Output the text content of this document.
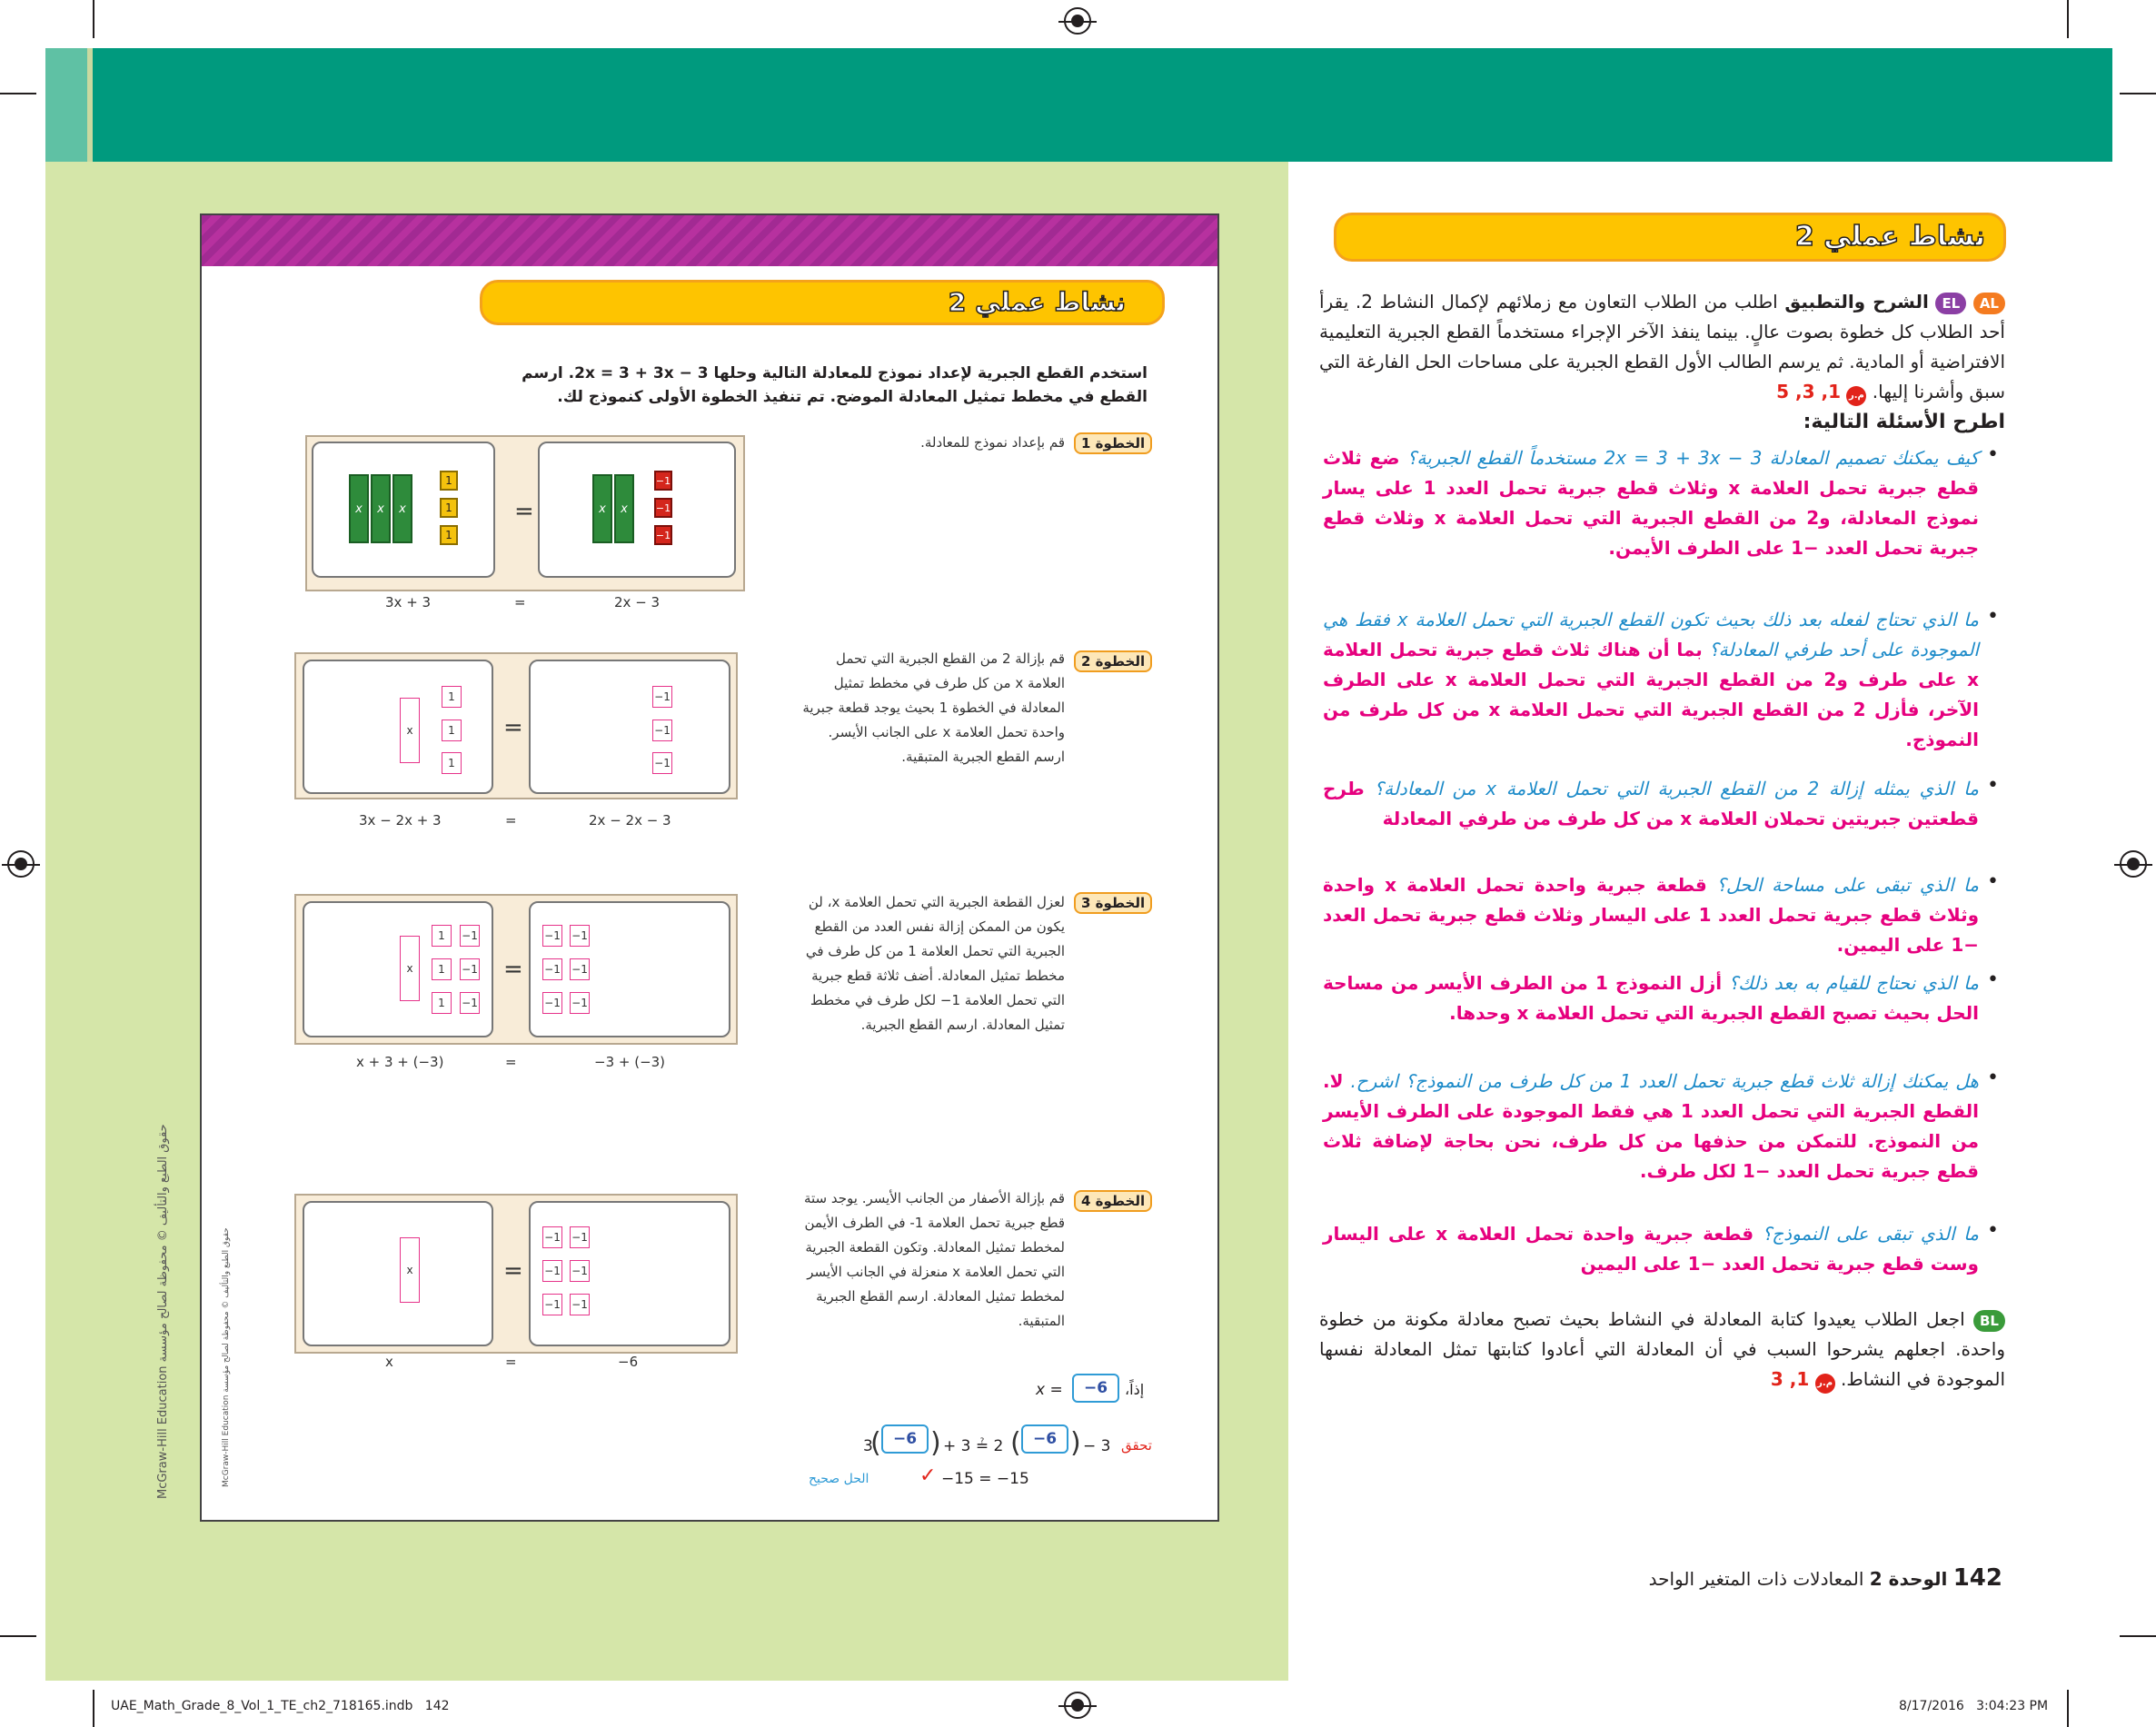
McGraw-Hill Education حقوق الطبع والتأليف © محفوظة لصالح مؤسسة
McGraw-Hill Education حقوق الطبع والتأليف © محفوظة لصالح مؤسسة
نشاط عملي 2
استخدم القطع الجبرية لإعداد نموذج للمعادلة التالية وحلها 3 − 2x = 3 + 3x. ارسم
القطع في مخطط تمثيل المعادلة الموضح. تم تنفيذ الخطوة الأولى كنموذج لك.
الخطوة 1
قم بإعداد نموذج للمعادلة.
=
x	x	x
1
1
1
x	x
−1
−1
−1
3x + 3	=	2x − 3
الخطوة 2
قم بإزالة 2 من القطع الجبرية التي تحمل العلامة x من كل طرف في مخطط تمثيل المعادلة في الخطوة 1 بحيث يوجد قطعة جبرية واحدة تحمل العلامة x على الجانب الأيسر. ارسم القطع الجبرية المتبقية.
=
x
1
1
1
−1
−1
−1
3x − 2x + 3	=	2x − 2x − 3
الخطوة 3
لعزل القطعة الجبرية التي تحمل العلامة x، لن يكون من الممكن إزالة نفس العدد من القطع الجبرية التي تحمل العلامة 1 من كل طرف في مخطط تمثيل المعادلة. أضف ثلاثة قطع جبرية التي تحمل العلامة 1− لكل طرف في مخطط تمثيل المعادلة. ارسم القطع الجبرية.
=
x
1
1
1
−1
−1
−1
−1
−1
−1
−1
−1
−1
x + 3 + (−3)	=	−3 + (−3)
الخطوة 4
قم بإزالة الأصفار من الجانب الأيسر. يوجد ستة قطع جبرية تحمل العلامة 1- في الطرف الأيمن لمخطط تمثيل المعادلة. وتكون القطعة الجبرية التي تحمل العلامة x منعزلة في الجانب الأيسر لمخطط تمثيل المعادلة. ارسم القطع الجبرية المتبقية.
=
x
−1
−1
−1
−1
−1
−1
x	=	−6
إذاً،
x =	−6
تحقق
3
( −6 ) + 3 ≟ 2 ( −6 ) − 3
−15 = −15
✓
الحل صحيح
نشاط عملي 2
AL EL الشرح والتطبيق اطلب من الطلاب التعاون مع زملائهم لإكمال النشاط 2. يقرأ أحد الطلاب كل خطوة بصوت عالٍ. بينما ينفذ الآخر الإجراء مستخدماً القطع الجبرية التعليمية الافتراضية أو المادية. ثم يرسم الطالب الأول القطع الجبرية على مساحات الحل الفارغة التي سبق وأشرنا إليها. م.ر 1, 3, 5
اطرح الأسئلة التالية:
•
كيف يمكنك تصميم المعادلة 3 − 2x = 3 + 3x مستخدماً القطع الجبرية؟ ضع ثلاث قطع جبرية تحمل العلامة x وثلاث قطع جبرية تحمل العدد 1 على يسار نموذج المعادلة، و2 من القطع الجبرية التي تحمل العلامة x وثلاث قطع جبرية تحمل العدد −1 على الطرف الأيمن.
•
ما الذي تحتاج لفعله بعد ذلك بحيث تكون القطع الجبرية التي تحمل العلامة x فقط هي الموجودة على أحد طرفي المعادلة؟ بما أن هناك ثلاث قطع جبرية تحمل العلامة x على طرف و2 من القطع الجبرية التي تحمل العلامة x على الطرف الآخر، فأزل 2 من القطع الجبرية التي تحمل العلامة x من كل طرف من النموذج.
•
ما الذي يمثله إزالة 2 من القطع الجبرية التي تحمل العلامة x من المعادلة؟ طرح قطعتين جبريتين تحملان العلامة x من كل طرف من طرفي المعادلة
•
ما الذي تبقى على مساحة الحل؟ قطعة جبرية واحدة تحمل العلامة x واحدة وثلاث قطع جبرية تحمل العدد 1 على اليسار وثلاث قطع جبرية تحمل العدد −1 على اليمين.
•
ما الذي نحتاج للقيام به بعد ذلك؟ أزل النموذج 1 من الطرف الأيسر من مساحة الحل بحيث تصبح القطع الجبرية التي تحمل العلامة x وحدها.
•
هل يمكنك إزالة ثلاث قطع جبرية تحمل العدد 1 من كل طرف من النموذج؟ اشرح. لا. القطع الجبرية التي تحمل العدد 1 هي فقط الموجودة على الطرف الأيسر من النموذج. للتمكن من حذفها من كل طرف، نحن بحاجة لإضافة ثلاث قطع جبرية تحمل العدد −1 لكل طرف.
•
ما الذي تبقى على النموذج؟ قطعة جبرية واحدة تحمل العلامة x على اليسار وست قطع جبرية تحمل العدد −1 على اليمين
BL اجعل الطلاب يعيدوا كتابة المعادلة في النشاط بحيث تصبح معادلة مكونة من خطوة واحدة. اجعلهم يشرحوا السبب في أن المعادلة التي أعادوا كتابتها تمثل المعادلة نفسها الموجودة في النشاط. م.ر 1, 3
142 الوحدة 2 المعادلات ذات المتغير الواحد
UAE_Math_Grade_8_Vol_1_TE_ch2_718165.indb   142	8/17/2016   3:04:23 PM
